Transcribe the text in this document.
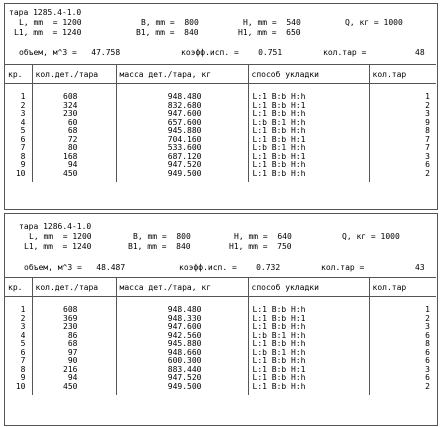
тара 1285.4-1.0
L, mm  = 1200	B, mm =  800	H, mm =  540	Q, кг = 1000
L1, mm  = 1240	B1, mm =  840	H1, mm =  650
объем, м^3 =   47.758	коэфф.исп. =    0.751	кол.тар =	48
кр.	кол.дет./тара	масса дет./тара, кг	способ укладки	кол.тар
1	608	948.480	L:1 B:b H:h	1
2	324	832.680	L:1 B:b H:1	2
3	230	947.600	L:1 B:b H:h	3
4	60	657.600	L:b B:1 H:h	9
5	68	945.880	L:1 B:b H:h	8
6	72	704.160	L:1 B:b H:1	7
7	80	533.600	L:b B:1 H:h	7
8	168	687.120	L:1 B:b H:1	3
9	94	947.520	L:1 B:b H:h	6
10	450	949.500	L:1 B:b H:h	2
тара 1286.4-1.0
L, mm  = 1200	B, mm =  800	H, mm =  640	Q, кг = 1000
L1, mm  = 1240	B1, mm =  840	H1, mm =  750
объем, м^3 =   48.487	коэфф.исп. =    0.732	кол.тар =	43
кр.	кол.дет./тара	масса дет./тара, кг	способ укладки	кол.тар
1	608	948.480	L:1 B:b H:h	1
2	369	948.330	L:1 B:b H:1	2
3	230	947.600	L:1 B:b H:h	3
4	86	942.560	L:b B:1 H:h	6
5	68	945.880	L:1 B:b H:h	8
6	97	948.660	L:b B:1 H:h	6
7	90	600.300	L:1 B:b H:h	6
8	216	883.440	L:1 B:b H:1	3
9	94	947.520	L:1 B:b H:h	6
10	450	949.500	L:1 B:b H:h	2
